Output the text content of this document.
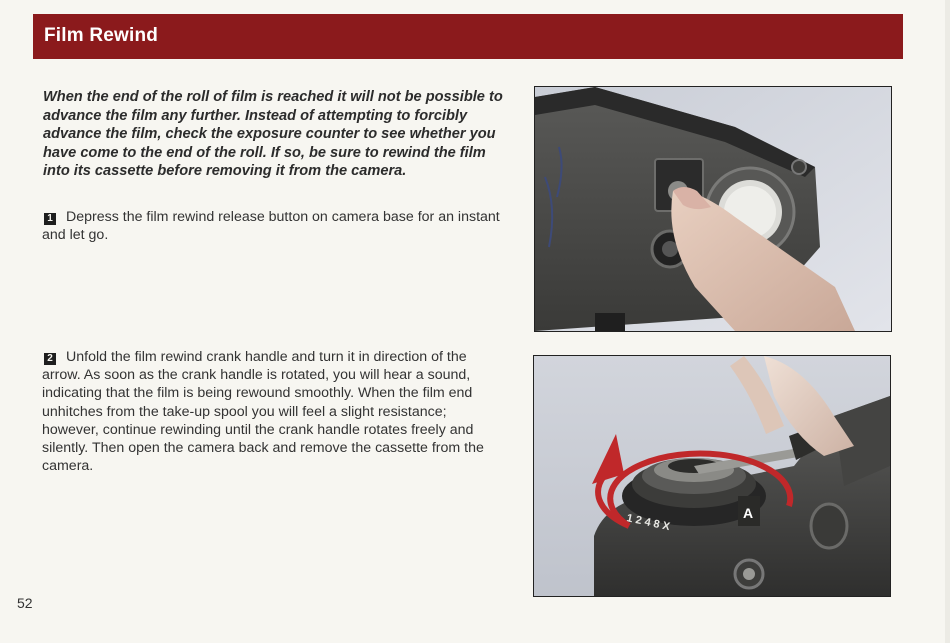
Film Rewind
When the end of the roll of film is reached it will not be possible to advance the film any further. Instead of attempting to forcibly advance the film, check the exposure counter to see whether you have come to the end of the roll. If so, be sure to rewind the film into its cassette before removing it from the camera.
1 Depress the film rewind release button on camera base for an instant and let go.
2 Unfold the film rewind crank handle and turn it in direction of the arrow. As soon as the crank handle is rotated, you will hear a sound, indicating that the film is being rewound smoothly. When the film end unhitches from the take-up spool you will feel a slight resistance; however, continue rewinding until the crank handle rotates freely and silently. Then open the camera back and remove the cassette from the camera.
1 2 4 8 X	A
52
